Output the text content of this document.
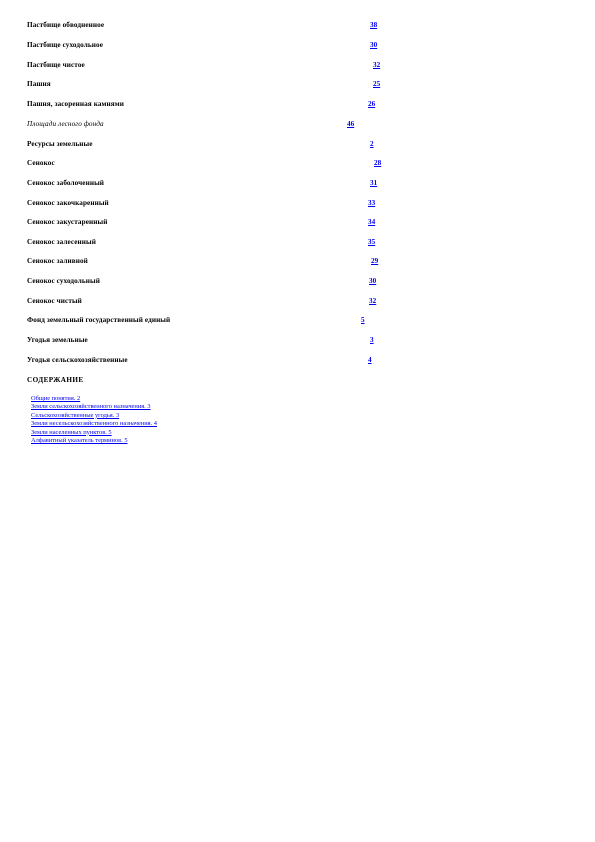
Пастбище обводненное	38
Пастбище суходольное	30
Пастбище чистое	32
Пашня	25
Пашня, засоренная камнями	26
Площади лесного фонда	46
Ресурсы земельные	2
Сенокос	28
Сенокос заболоченный	31
Сенокос закочкаренный	33
Сенокос закустаренный	34
Сенокос залесенный	35
Сенокос заливной	29
Сенокос суходольный	30
Сенокос чистый	32
Фонд земельный государственный единый	5
Угодья земельные	3
Угодья сельскохозяйственные	4
СОДЕРЖАНИЕ
Общие понятия. 2
Земли сельскохозяйственного назначения. 3
Сельскохозяйственные угодья. 3
Земли несельскохозяйственного назначения. 4
Земли населенных пунктов. 5
Алфавитный указатель терминов. 5
